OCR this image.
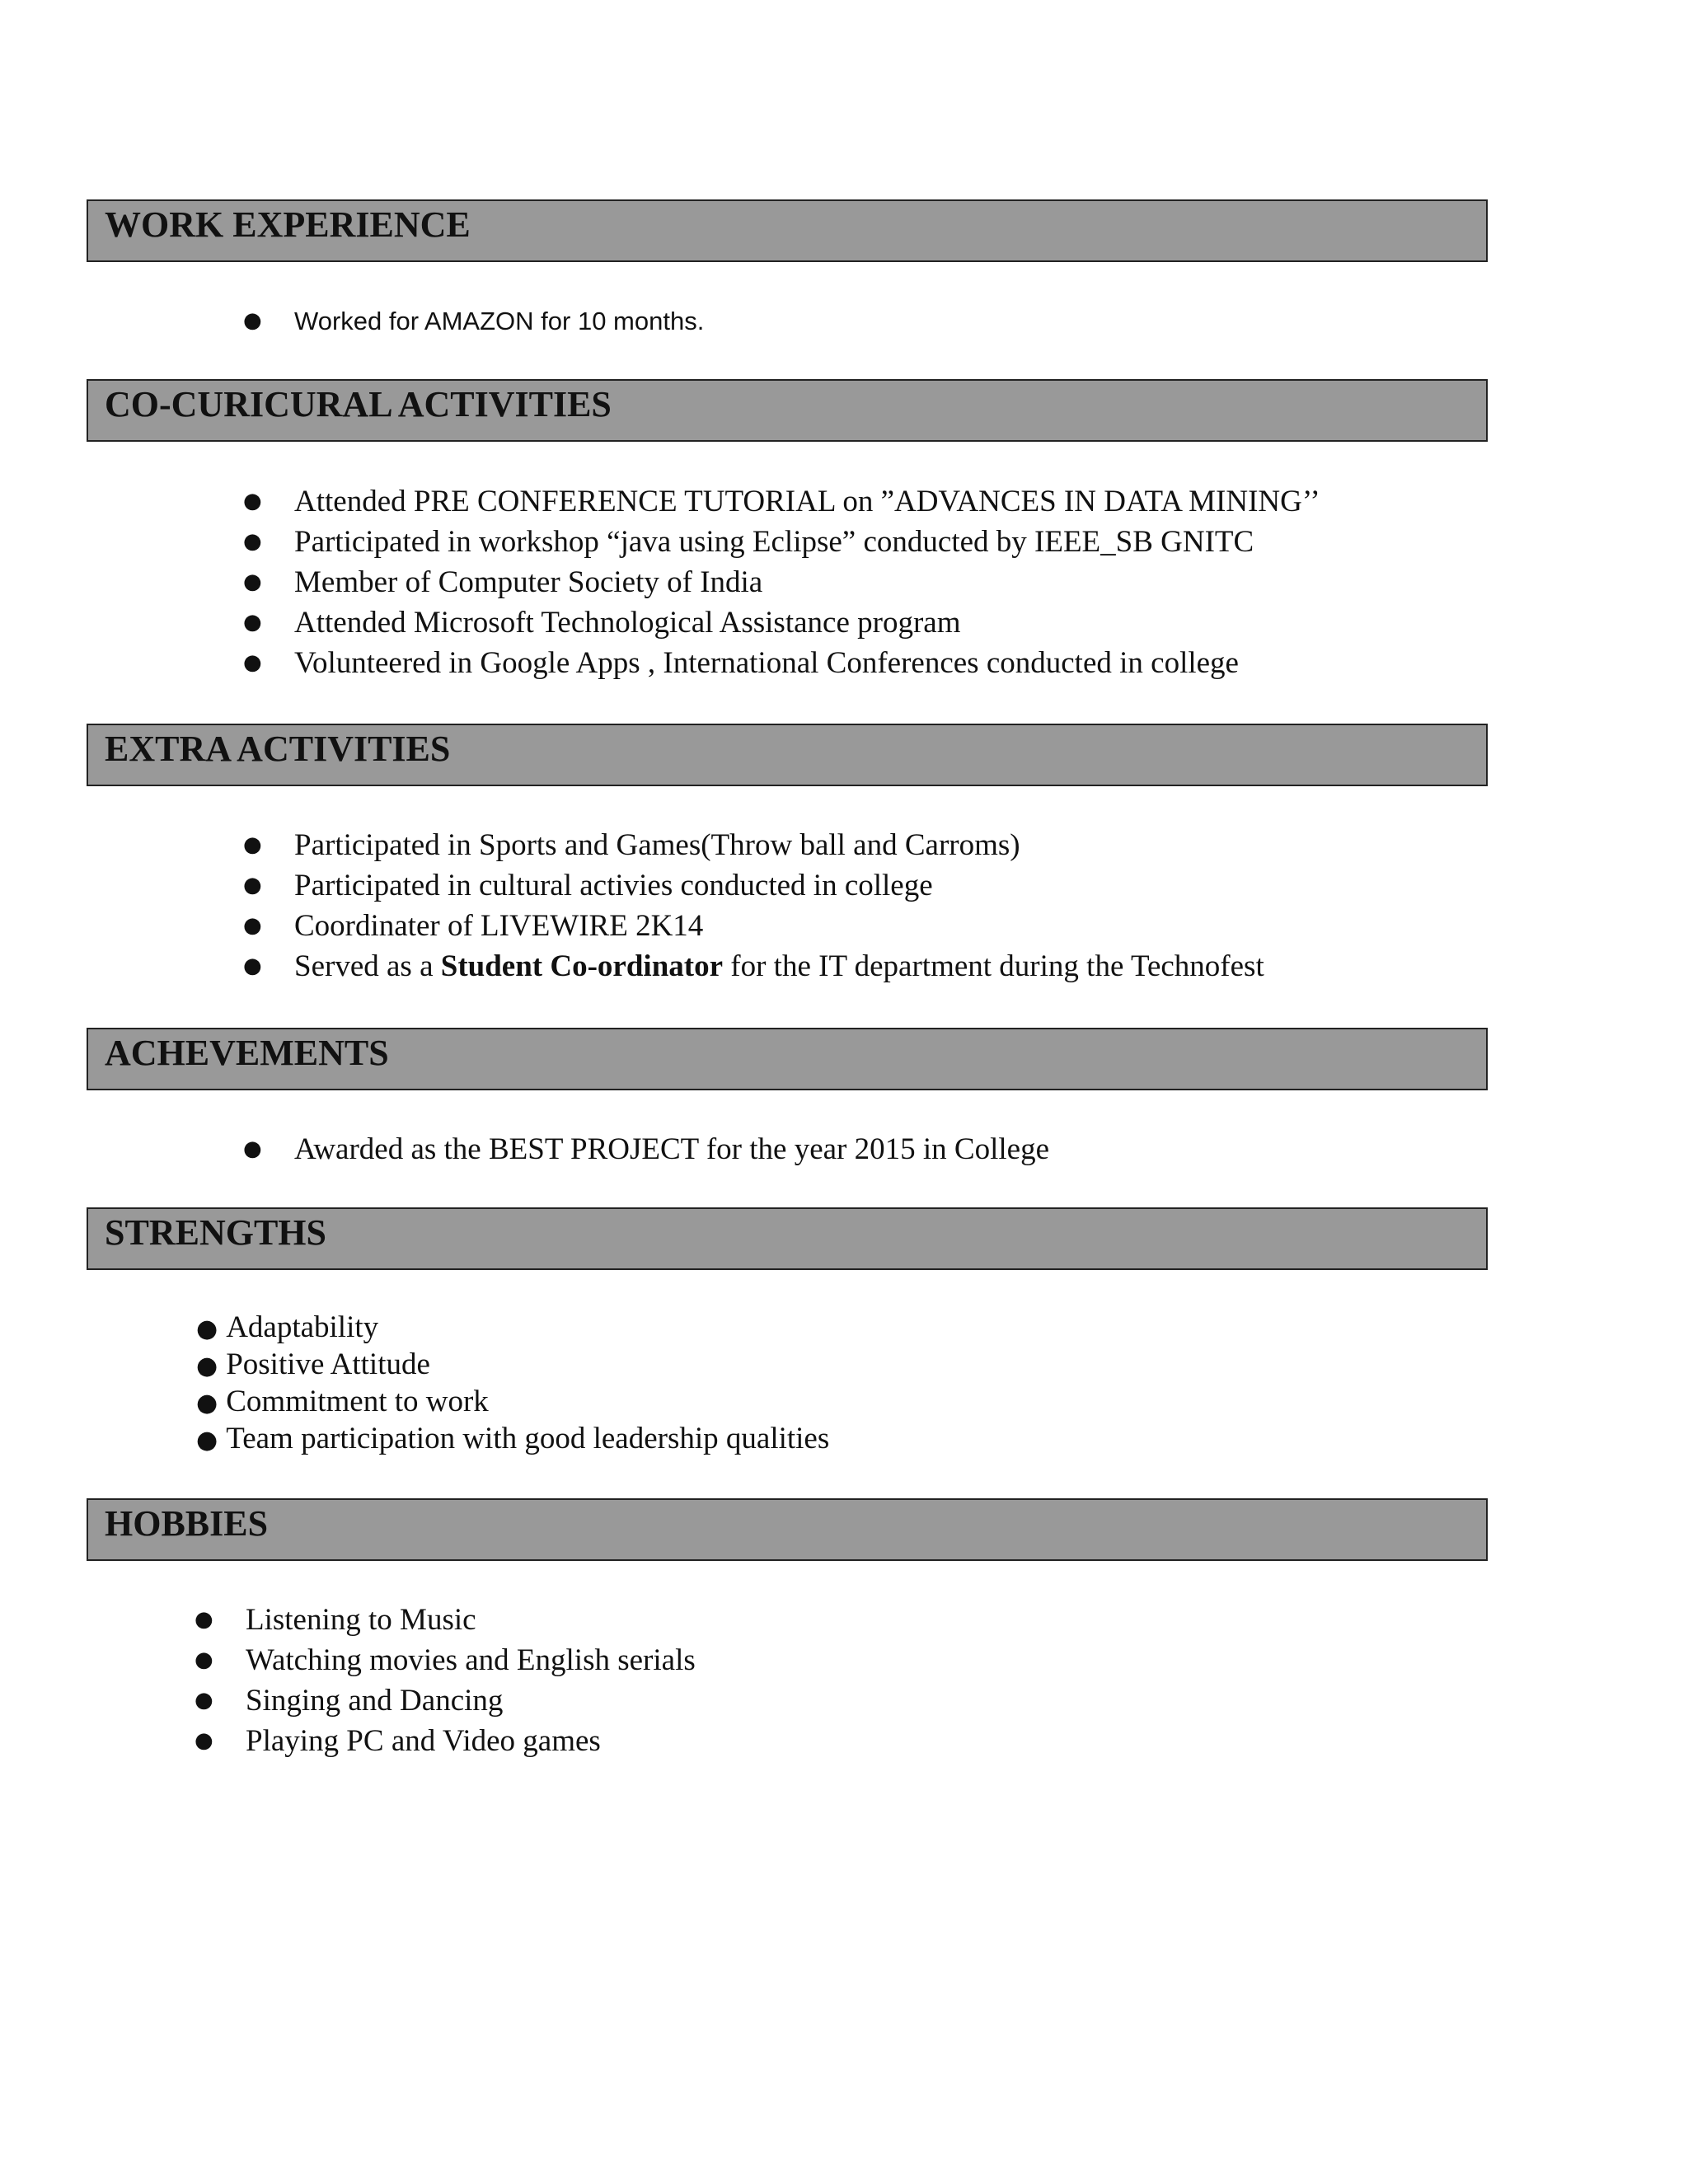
WORK EXPERIENCE
● Worked for AMAZON for 10 months.
CO-CURICURAL ACTIVITIES
● Attended PRE CONFERENCE TUTORIAL on ”ADVANCES IN DATA MINING’’
● Participated in workshop “java using Eclipse” conducted by IEEE_SB GNITC
● Member of Computer Society of India
● Attended Microsoft Technological Assistance program
● Volunteered in Google Apps , International Conferences conducted in college
EXTRA ACTIVITIES
● Participated in Sports and Games(Throw ball and Carroms)
● Participated in cultural activies conducted in college
● Coordinater of LIVEWIRE 2K14
● Served as a Student Co-ordinator for the IT department during the Technofest
ACHEVEMENTS
● Awarded as the BEST PROJECT for the year 2015 in College
STRENGTHS
● Adaptability
● Positive Attitude
● Commitment to work
● Team participation with good leadership qualities
HOBBIES
● Listening to Music
● Watching movies and English serials
● Singing and Dancing
● Playing PC and Video games
